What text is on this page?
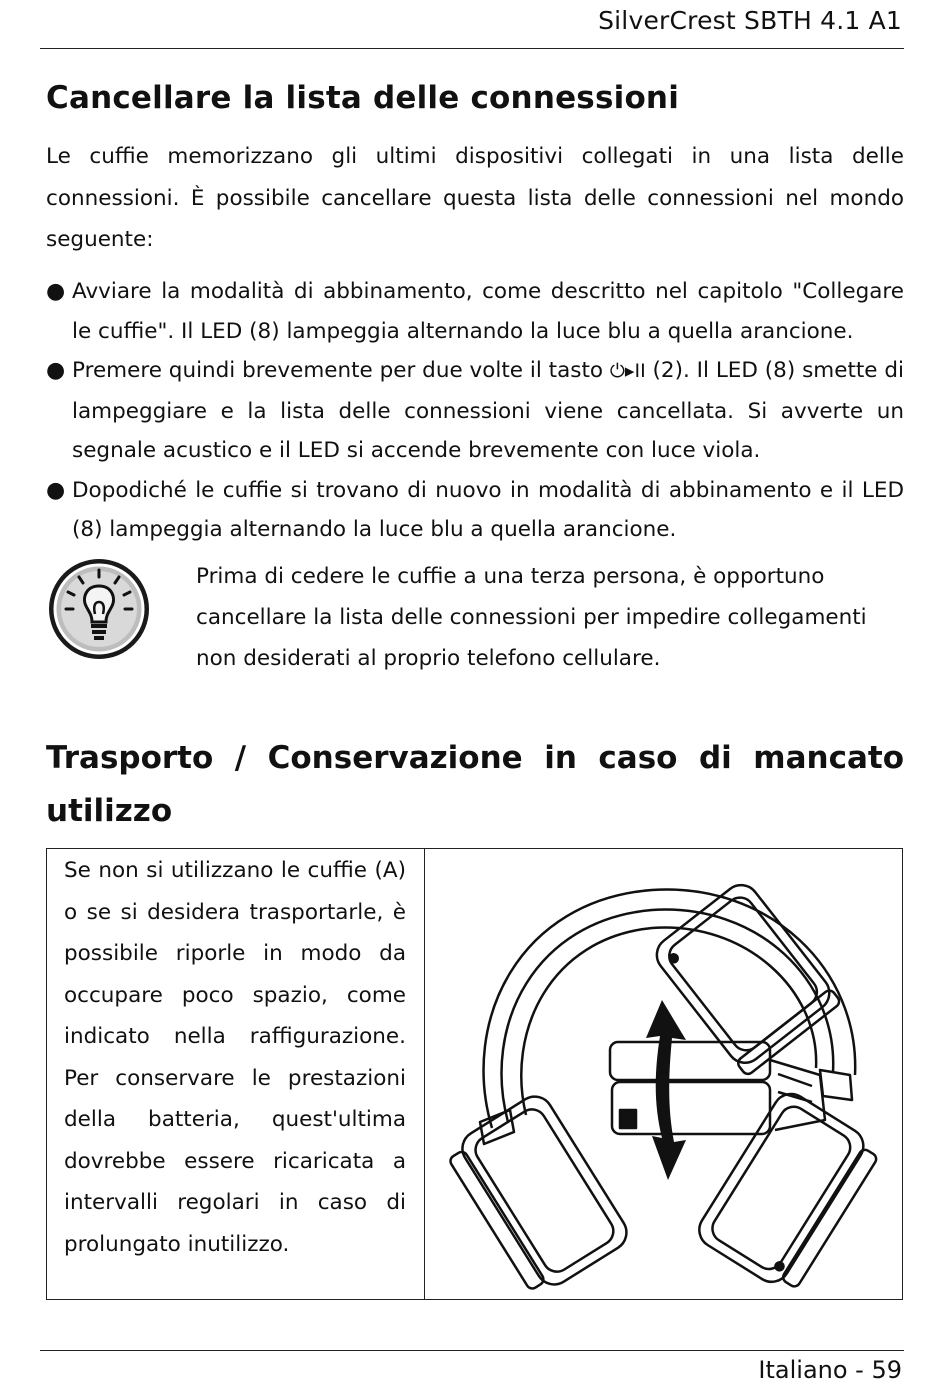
SilverCrest SBTH 4.1 A1
Cancellare la lista delle connessioni
Le cuffie memorizzano gli ultimi dispositivi collegati in una lista delle connessioni. È possibile cancellare questa lista delle connessioni nel mondo seguente:
● Avviare la modalità di abbinamento, come descritto nel capitolo "Collegare le cuffie". Il LED (8) lampeggia alternando la luce blu a quella arancione.
● Premere quindi brevemente per due volte il tasto ⏻▸II (2). Il LED (8) smette di lampeggiare e la lista delle connessioni viene cancellata. Si avverte un segnale acustico e il LED si accende brevemente con luce viola.
● Dopodiché le cuffie si trovano di nuovo in modalità di abbinamento e il LED (8) lampeggia alternando la luce blu a quella arancione.
Prima di cedere le cuffie a una terza persona, è opportuno cancellare la lista delle connessioni per impedire collegamenti non desiderati al proprio telefono cellulare.
Trasporto / Conservazione in caso di mancato utilizzo
Se non si utilizzano le cuffie (A) o se si desidera trasportarle, è possibile riporle in modo da occupare poco spazio, come indicato nella raffigurazione. Per conservare le prestazioni della batteria, quest'ultima dovrebbe essere ricaricata a intervalli regolari in caso di prolungato inutilizzo.
Italiano - 59
